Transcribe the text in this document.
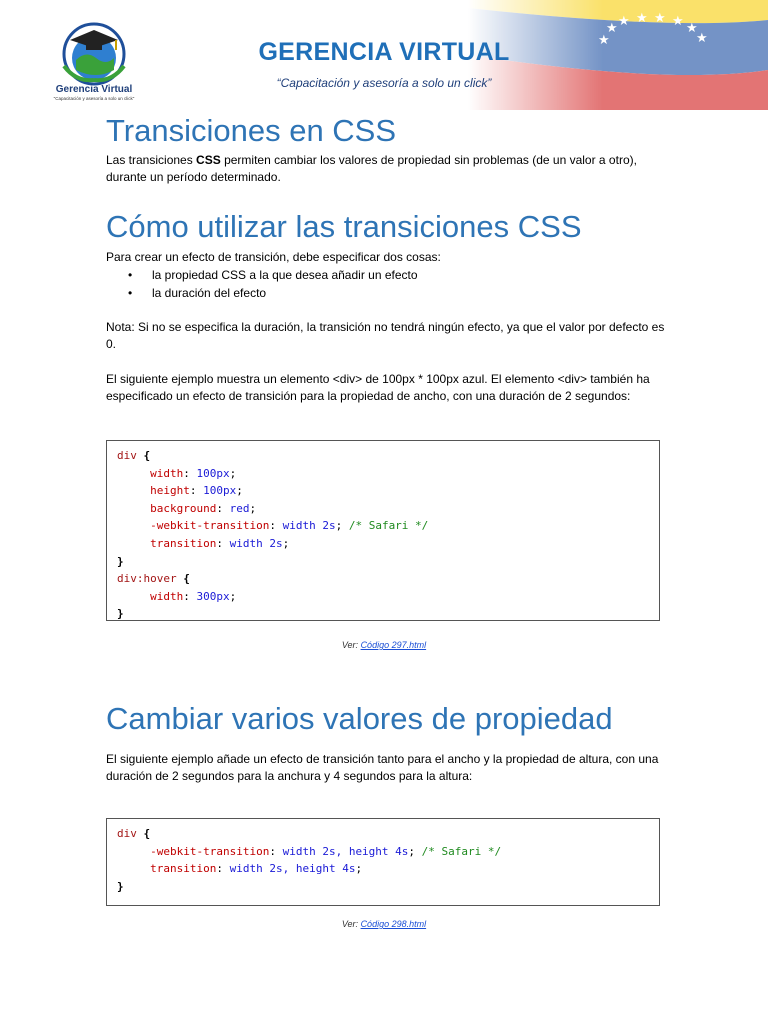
Gerencia Virtual
"Capacitación y asesoría a solo un click"
GERENCIA VIRTUAL
“Capacitación y asesoría a solo un click”
Transiciones en CSS

Las transiciones CSS permiten cambiar los valores de propiedad sin problemas (de un valor a otro), durante un período determinado.

Cómo utilizar las transiciones CSS

Para crear un efecto de transición, debe especificar dos cosas:

• la propiedad CSS a la que desea añadir un efecto
• la duración del efecto

Nota: Si no se especifica la duración, la transición no tendrá ningún efecto, ya que el valor por defecto es 0.

El siguiente ejemplo muestra un elemento <div> de 100px * 100px azul. El elemento <div> también ha especificado un efecto de transición para la propiedad de ancho, con una duración de 2 segundos:

div {
width: 100px;
height: 100px;
background: red;
-webkit-transition: width 2s; /* Safari */
transition: width 2s;
}
div:hover {
width: 300px;
}
Ver: Código 297.html
Cambiar varios valores de propiedad

El siguiente ejemplo añade un efecto de transición tanto para el ancho y la propiedad de altura, con una duración de 2 segundos para la anchura y 4 segundos para la altura:

div {
-webkit-transition: width 2s, height 4s; /* Safari */
transition: width 2s, height 4s;
}
Ver: Código 298.html
